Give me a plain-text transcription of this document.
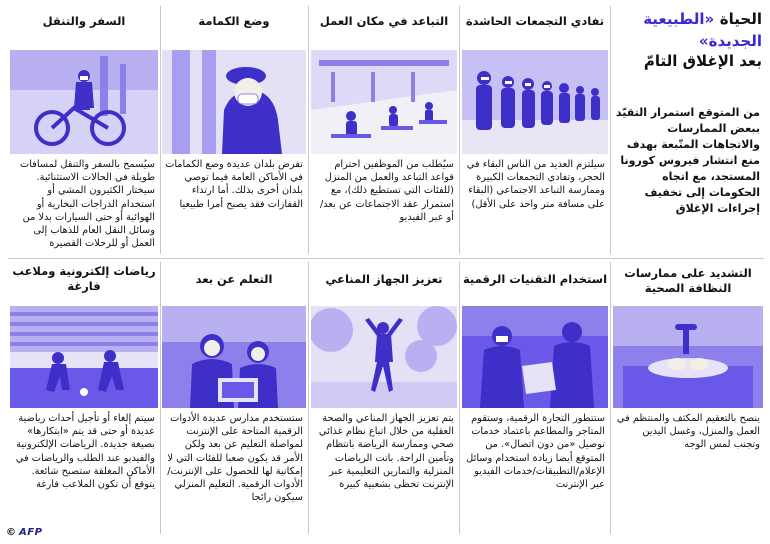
الحياة «الطبيعية الجديدة»
بعد الإغلاق التامّ
من المتوقع استمرار التقيّد ببعض الممارسات والاتجاهات المتّبعة بهدف منع انتشار فيروس كورونا المستجد، مع اتجاه الحكومات إلى تخفيف إجراءات الإغلاق
تفادي التجمعات الحاشدة
سيلتزم العديد من الناس البقاء في الحجر، وتفادي التجمعات الكبيرة وممارسة التباعد الاجتماعي (البقاء على مسافة متر واحد على الأقل)
التباعد في مكان العمل
سيُطلب من الموظفين احترام قواعد التباعد والعمل من المنزل (للفئات التي تستطيع ذلك)، مع استمرار عقد الاجتماعات عن بعد/أو عبر الفيديو
وضع الكمامة
تفرض بلدان عديدة وضع الكمامات في الأماكن العامة فيما توصي بلدان أخرى بذلك. أما ارتداء القفازات فقد يصبح أمرا طبيعيا
السفر والتنقل
سيُسمح بالسفر والتنقل لمسافات طويلة في الحالات الاستثنائية. سيختار الكثيرون المشي أو استخدام الدراجات البخارية أو الهوائية أو حتى السيارات بدلا من وسائل النقل العام للذهاب إلى العمل أو للرحلات القصيرة
التشديد على ممارسات النظافة الصحية
ينصح بالتعقيم المكثف والمنتظم في العمل والمنزل، وغسل اليدين وتجنب لمس الوجه
استخدام التقنيات الرقمية
ستتطور التجارة الرقمية، وستقوم المتاجر والمطاعم باعتماد خدمات توصيل «من دون اتصال». من المتوقع أيضا زيادة استخدام وسائل الإعلام/التطبيقات/خدمات الفيديو عبر الإنترنت
تعزيز الجهاز المناعي
يتم تعزيز الجهاز المناعي والصحة العقلية من خلال اتباع نظام غذائي صحي وممارسة الرياضة بانتظام وتأمين الراحة. باتت الرياضات المنزلية والتمارين التعليمية عبر الإنترنت تحظى بشعبية كبيرة
التعلم عن بعد
ستستخدم مدارس عديدة الأدوات الرقمية المتاحة على الإنترنت لمواصلة التعليم عن بعد ولكن الأمر قد يكون صعبا للفئات التي لا إمكانية لها للحصول على الإنترنت/الأدوات الرقمية. التعليم المنزلي سيكون رائجا
رياضات إلكترونية وملاعب فارغة
سيتم إلغاء أو تأجيل أحداث رياضية عديدة أو حتى قد يتم «ابتكارها» بصيغة جديدة. الرياضات الإلكترونية والفيديو عند الطلب والرياضات في الأماكن المغلقة ستصبح شائعة. يتوقع أن تكون الملاعب فارغة
© AFP
